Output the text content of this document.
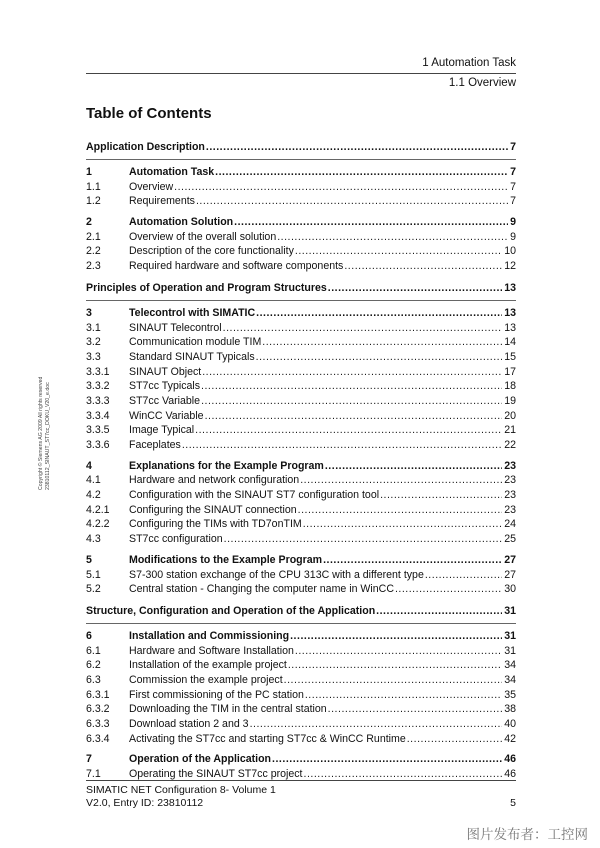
1 Automation Task
1.1 Overview
Table of Contents
Copyright © Siemens AG 2009 All rights reserved 23810112_SINAUT_ST7cc_DOKU_V20_e.doc
Application Description .....	7
1	Automation Task .....	7
1.1	Overview .....	7
1.2	Requirements .....	7
2	Automation Solution .....	9
2.1	Overview of the overall solution .....	9
2.2	Description of the core functionality .....	10
2.3	Required hardware and software components .....	12
Principles of Operation and Program Structures .....	13
3	Telecontrol with SIMATIC .....	13
3.1	SINAUT Telecontrol .....	13
3.2	Communication module TIM .....	14
3.3	Standard SINAUT Typicals .....	15
3.3.1 SINAUT Object .....	17
3.3.2 ST7cc Typicals .....	18
3.3.3 ST7cc Variable .....	19
3.3.4 WinCC Variable .....	20
3.3.5 Image Typical .....	21
3.3.6 Faceplates .....	22
4	Explanations for the Example Program .....	23
4.1	Hardware and network configuration .....	23
4.2	Configuration with the SINAUT ST7 configuration tool .....	23
4.2.1 Configuring the SINAUT connection .....	23
4.2.2 Configuring the TIMs with TD7onTIM .....	24
4.3	ST7cc configuration .....	25
5	Modifications to the Example Program .....	27
5.1	S7-300 station exchange of the CPU 313C with a different type .....	27
5.2	Central station - Changing the computer name in WinCC .....	30
Structure, Configuration and Operation of the Application .....	31
6	Installation and Commissioning .....	31
6.1	Hardware and Software Installation .....	31
6.2	Installation of the example project .....	34
6.3	Commission the example project .....	34
6.3.1 First commissioning of the PC station .....	35
6.3.2 Downloading the TIM in the central station .....	38
6.3.3 Download station 2 and 3 .....	40
6.3.4 Activating the ST7cc and starting ST7cc & WinCC Runtime .....	42
7	Operation of the Application .....	46
7.1	Operating the SINAUT ST7cc project .....	46
SIMATIC NET Configuration 8- Volume 1
V2.0, Entry ID: 23810112	5
图片发布者：工控网
